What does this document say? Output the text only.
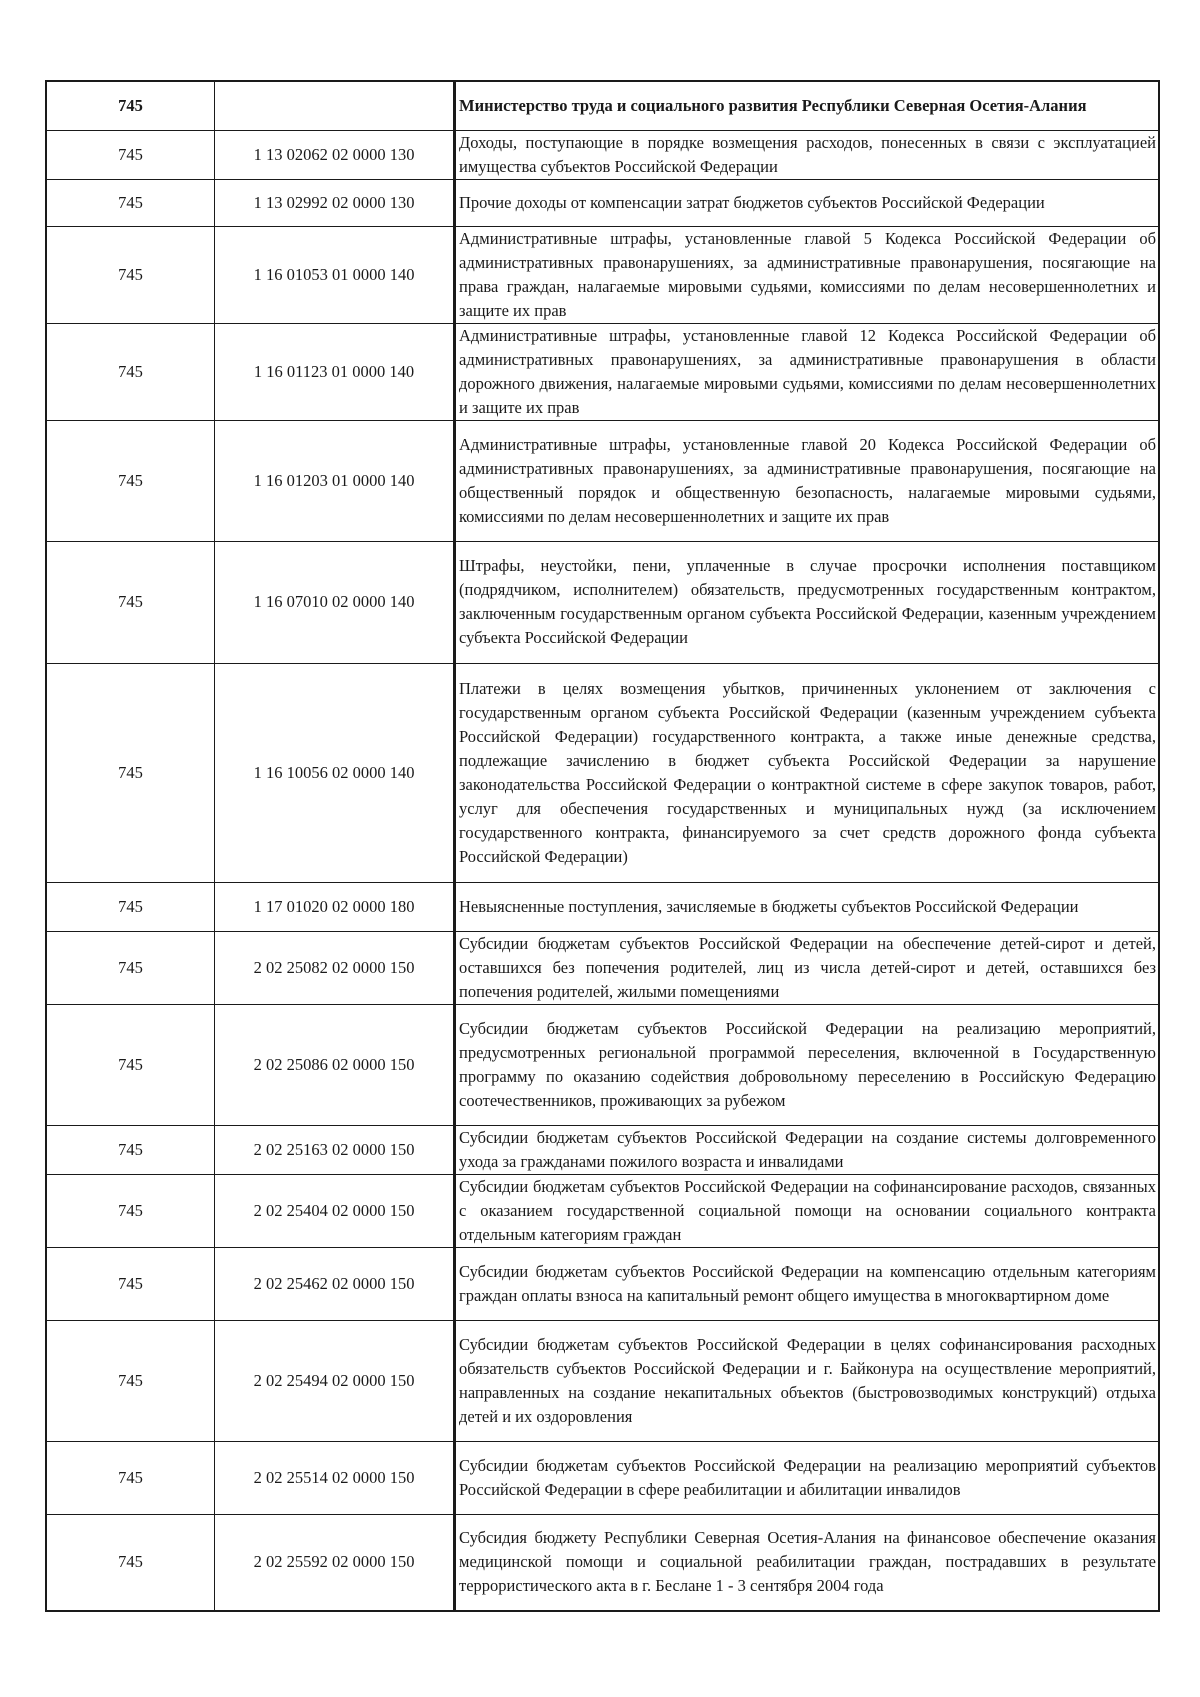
745		Министерство труда и социального развития Республики Северная Осетия-Алания
745	1 13 02062 02 0000 130	Доходы, поступающие в порядке возмещения расходов, понесенных в связи с эксплуатацией имущества субъектов Российской Федерации
745	1 13 02992 02 0000 130	Прочие доходы от компенсации затрат бюджетов субъектов Российской Федерации
745	1 16 01053 01 0000 140	Административные штрафы, установленные главой 5 Кодекса Российской Федерации об административных правонарушениях, за административные правонарушения, посягающие на права граждан, налагаемые мировыми судьями, комиссиями по делам несовершеннолетних и защите их прав
745	1 16 01123 01 0000 140	Административные штрафы, установленные главой 12 Кодекса Российской Федерации об административных правонарушениях, за административные правонарушения в области дорожного движения, налагаемые мировыми судьями, комиссиями по делам несовершеннолетних и защите их прав
745	1 16 01203 01 0000 140	Административные штрафы, установленные главой 20 Кодекса Российской Федерации об административных правонарушениях, за административные правонарушения, посягающие на общественный порядок и общественную безопасность, налагаемые мировыми судьями, комиссиями по делам несовершеннолетних и защите их прав
745	1 16 07010 02 0000 140	Штрафы, неустойки, пени, уплаченные в случае просрочки исполнения поставщиком (подрядчиком, исполнителем) обязательств, предусмотренных государственным контрактом, заключенным государственным органом субъекта Российской Федерации, казенным учреждением субъекта Российской Федерации
745	1 16 10056 02 0000 140	Платежи в целях возмещения убытков, причиненных уклонением от заключения с государственным органом субъекта Российской Федерации (казенным учреждением субъекта Российской Федерации) государственного контракта, а также иные денежные средства, подлежащие зачислению в бюджет субъекта Российской Федерации за нарушение законодательства Российской Федерации о контрактной системе в сфере закупок товаров, работ, услуг для обеспечения государственных и муниципальных нужд (за исключением государственного контракта, финансируемого за счет средств дорожного фонда субъекта Российской Федерации)
745	1 17 01020 02 0000 180	Невыясненные поступления, зачисляемые в бюджеты субъектов Российской Федерации
745	2 02 25082 02 0000 150	Субсидии бюджетам субъектов Российской Федерации на обеспечение детей-сирот и детей, оставшихся без попечения родителей, лиц из числа детей-сирот и детей, оставшихся без попечения родителей, жилыми помещениями
745	2 02 25086 02 0000 150	Субсидии бюджетам субъектов Российской Федерации на реализацию мероприятий, предусмотренных региональной программой переселения, включенной в Государственную программу по оказанию содействия добровольному переселению в Российскую Федерацию соотечественников, проживающих за рубежом
745	2 02 25163 02 0000 150	Субсидии бюджетам субъектов Российской Федерации на создание системы долговременного ухода за гражданами пожилого возраста и инвалидами
745	2 02 25404 02 0000 150	Субсидии бюджетам субъектов Российской Федерации на софинансирование расходов, связанных с оказанием государственной социальной помощи на основании социального контракта отдельным категориям граждан
745	2 02 25462 02 0000 150	Субсидии бюджетам субъектов Российской Федерации на компенсацию отдельным категориям граждан оплаты взноса на капитальный ремонт общего имущества в многоквартирном доме
745	2 02 25494 02 0000 150	Субсидии бюджетам субъектов Российской Федерации в целях софинансирования расходных обязательств субъектов Российской Федерации и г. Байконура на осуществление мероприятий, направленных на создание некапитальных объектов (быстровозводимых конструкций) отдыха детей и их оздоровления
745	2 02 25514 02 0000 150	Субсидии бюджетам субъектов Российской Федерации на реализацию мероприятий субъектов Российской Федерации в сфере реабилитации и абилитации инвалидов
745	2 02 25592 02 0000 150	Субсидия бюджету Республики Северная Осетия-Алания на финансовое обеспечение оказания медицинской помощи и социальной реабилитации граждан, пострадавших в результате террористического акта в г. Беслане 1 - 3 сентября 2004 года
